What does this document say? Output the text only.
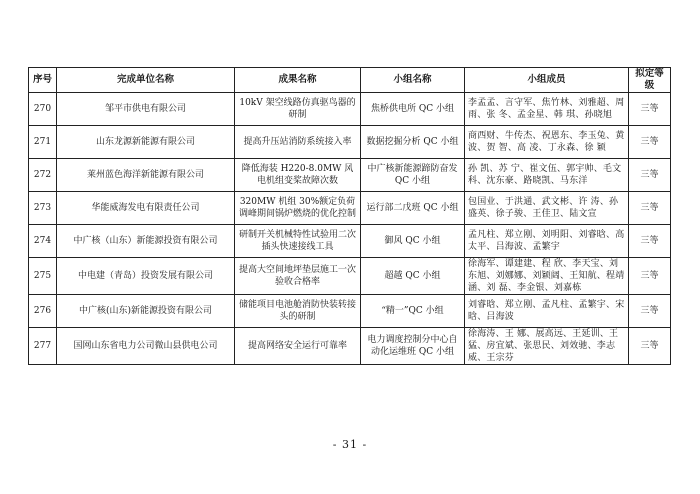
序号	完成单位名称	成果名称	小组名称	小组成员	拟定等级
270	邹平市供电有限公司	10kV 架空线路仿真驱鸟器的研制	焦桥供电所 QC 小组	李孟孟、言守军、焦竹林、刘雅超、周 雨、张 冬、孟金星、韩 琪、孙晓旭	三等
271	山东龙源新能源有限公司	提高升压站消防系统接入率	数据挖掘分析 QC 小组	商西财、牛传杰、祝恩东、李玉兔、黄 波、贺 智、高 凌、丁永森、徐 颖	三等
272	莱州蓝色海洋新能源有限公司	降低海装 H220-8.0MW 风电机组变桨故障次数	中广核新能源蹄防奋发 QC 小组	孙 凯、苏 宁、崔文伍、郭宇帅、毛文科、沈东豪、路晓凯、马东洋	三等
273	华能威海发电有限责任公司	320MW 机组 30%额定负荷调峰期间锅炉燃烧的优化控制	运行部二戊班 QC 小组	包国业、于洪通、武文彬、许 涛、孙盛英、徐子骏、王佳卫、陆文宣	三等
274	中广核（山东）新能源投资有限公司	研制开关机械特性试验用二次插头快速接线工具	御风 QC 小组	孟凡柱、郑立刚、刘明阳、刘睿晗、高太平、吕海波、孟繁宇	三等
275	中电建（青岛）投资发展有限公司	提高大空间地坪垫层施工一次验收合格率	超越 QC 小组	徐海军、谭建建、程 欣、李天宝、刘东旭、刘娜娜、刘颖阔、王知航、程靖涵、刘 磊、李金银、刘嘉栋	三等
276	中广核(山东)新能源投资有限公司	储能项目电池舱消防快装转接头的研制	“精一”QC 小组	刘睿晗、郑立刚、孟凡柱、孟繁宇、宋 晗、吕海波	三等
277	国网山东省电力公司微山县供电公司	提高网络安全运行可靠率	电力调度控制分中心自动化运维班 QC 小组	徐海涛、王 娜、展高远、王延训、王 猛、房宜斌、张思民、刘效驰、李志威、王宗芬	三等
- 31 -
